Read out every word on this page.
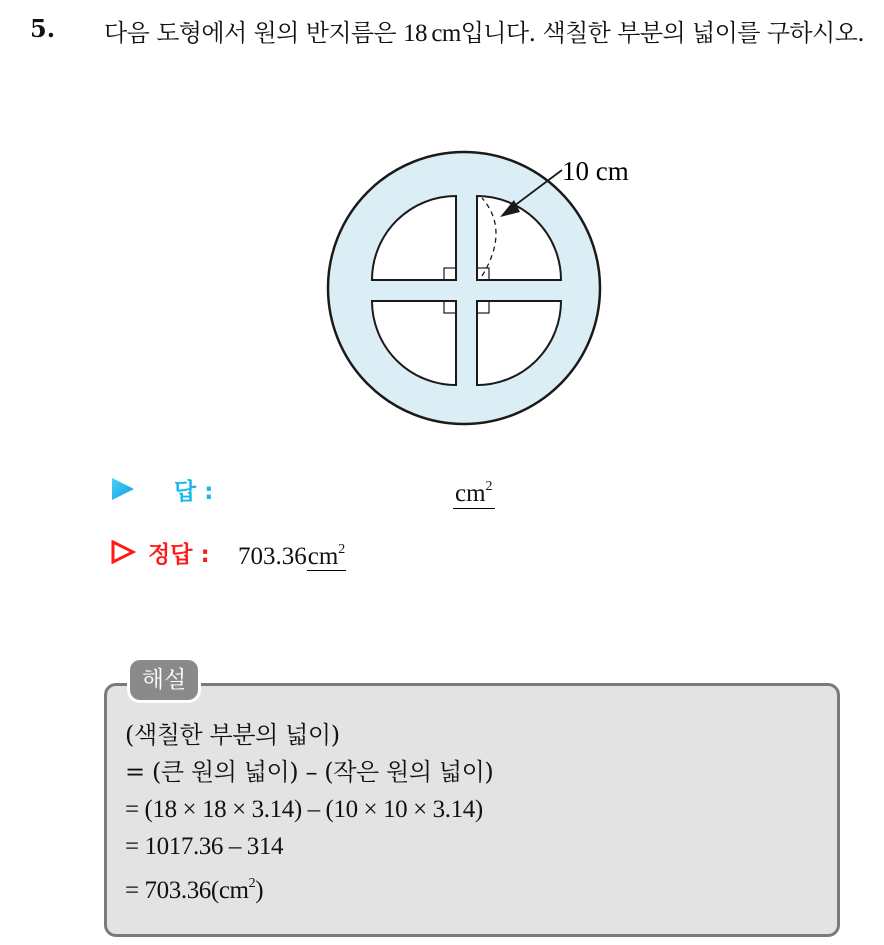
5. 다음 도형에서 원의 반지름은 18  cm입니다. 색칠한 부분의 넓이를 구하시오.
10 cm
답 :	$cm^2$
정답 : $703.36cm^2$
해설
(색칠한 부분의 넓이)
= (큰 원의 넓이) – (작은 원의 넓이)
= (18 × 18 × 3.14) – (10 × 10 × 3.14)
= 1017.36 – 314
= $703.36(cm^2)$
